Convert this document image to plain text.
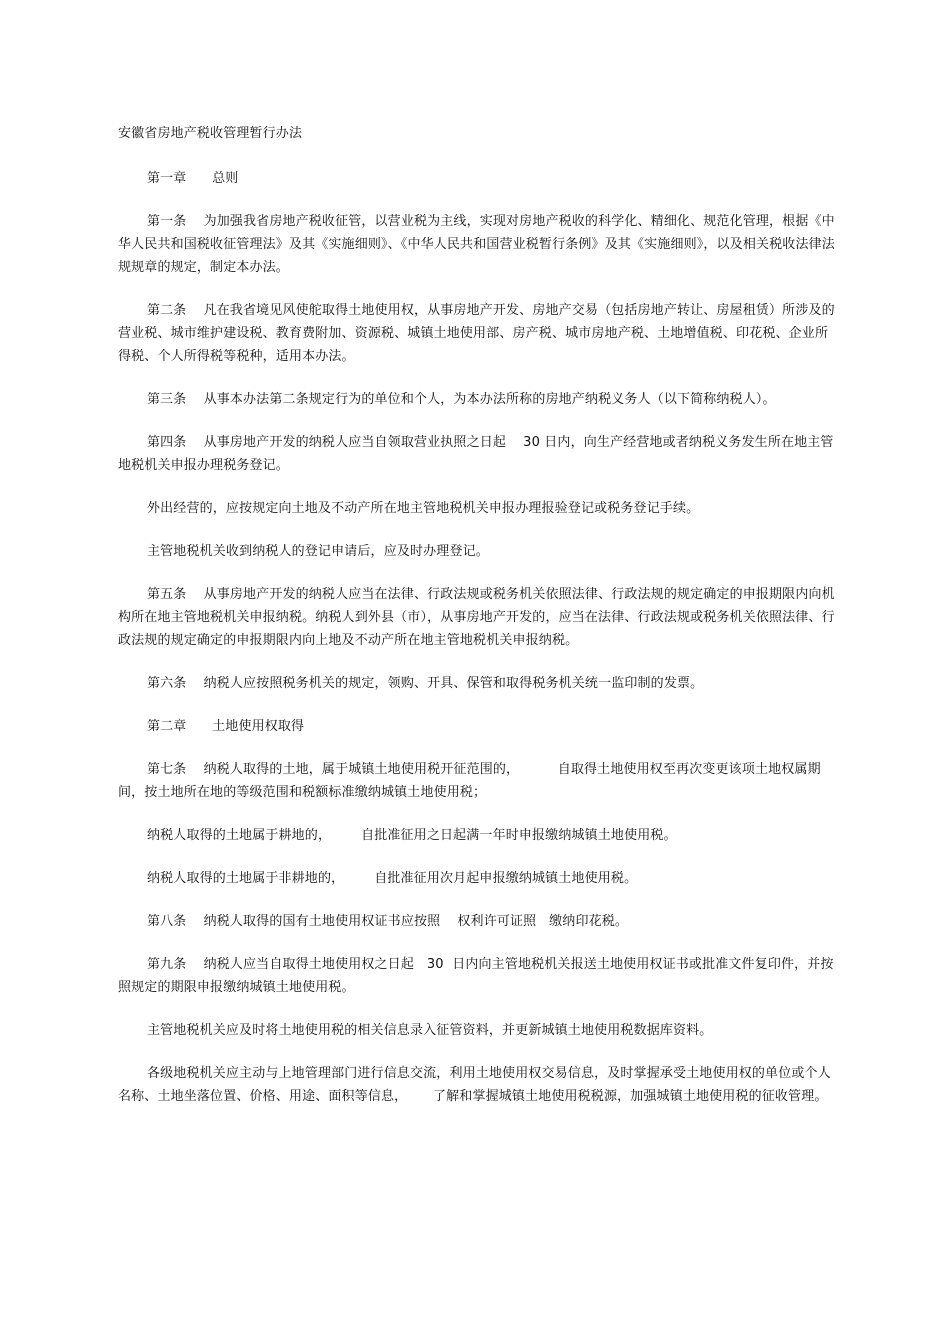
安徽省房地产税收管理暂行办法

第一章      总则

第一条    为加强我省房地产税收征管，以营业税为主线，实现对房地产税收的科学化、精细化、规范化管理，根据《中华人民共和国税收征管理法》及其《实施细则》、《中华人民共和国营业税暂行条例》及其《实施细则》，以及相关税收法律法规规章的规定，制定本办法。

第二条    凡在我省境见风使舵取得土地使用权，从事房地产开发、房地产交易（包括房地产转让、房屋租赁）所涉及的营业税、城市维护建设税、教育费附加、资源税、城镇土地使用部、房产税、城市房地产税、土地增值税、印花税、企业所得税、个人所得税等税种，适用本办法。

第三条    从事本办法第二条规定行为的单位和个人，为本办法所称的房地产纳税义务人（以下简称纳税人）。

第四条    从事房地产开发的纳税人应当自领取营业执照之日起    30 日内，向生产经营地或者纳税义务发生所在地主管地税机关申报办理税务登记。

外出经营的，应按规定向土地及不动产所在地主管地税机关申报办理报验登记或税务登记手续。

主管地税机关收到纳税人的登记申请后，应及时办理登记。

第五条    从事房地产开发的纳税人应当在法律、行政法规或税务机关依照法律、行政法规的规定确定的申报期限内向机构所在地主管地税机关申报纳税。纳税人到外县（市），从事房地产开发的，应当在法律、行政法规或税务机关依照法律、行政法规的规定确定的申报期限内向上地及不动产所在地主管地税机关申报纳税。

第六条    纳税人应按照税务机关的规定，领购、开具、保管和取得税务机关统一监印制的发票。

第二章      土地使用权取得

第七条    纳税人取得的土地，属于城镇土地使用税开征范围的，         自取得土地使用权至再次变更该项土地权属期间，按土地所在地的等级范围和税额标准缴纳城镇土地使用税；

纳税人取得的土地属于耕地的，       自批准征用之日起满一年时申报缴纳城镇土地使用税。

纳税人取得的土地属于非耕地的，       自批准征用次月起申报缴纳城镇土地使用税。

第八条    纳税人取得的国有土地使用权证书应按照    权利许可证照   缴纳印花税。

第九条    纳税人应当自取得土地使用权之日起   30  日内向主管地税机关报送土地使用权证书或批准文件复印件，并按照规定的期限申报缴纳城镇土地使用税。

主管地税机关应及时将土地使用税的相关信息录入征管资料，并更新城镇土地使用税数据库资料。

各级地税机关应主动与上地管理部门进行信息交流，利用土地使用权交易信息，及时掌握承受土地使用权的单位或个人名称、土地坐落位置、价格、用途、面积等信息，      了解和掌握城镇土地使用税税源，加强城镇土地使用税的征收管理。
